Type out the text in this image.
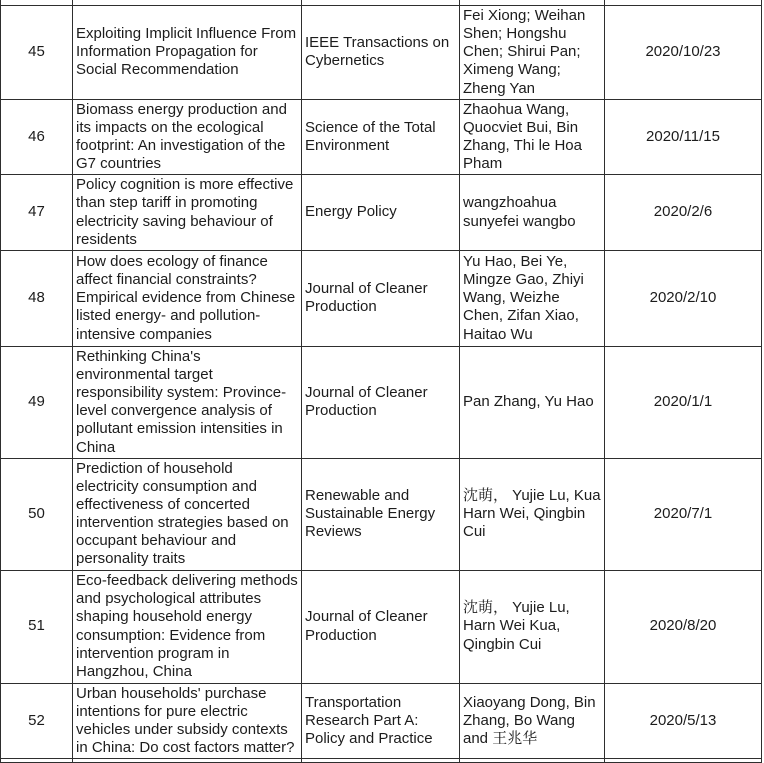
45	Exploiting Implicit Influence From Information Propagation for Social Recommendation	IEEE Transactions on Cybernetics	Fei Xiong; Weihan Shen; Hongshu Chen; Shirui Pan; Ximeng Wang; Zheng Yan	2020/10/23
46	Biomass energy production and its impacts on the ecological footprint: An investigation of the G7 countries	Science of the Total Environment	Zhaohua Wang, Quocviet Bui, Bin Zhang, Thi le Hoa Pham	2020/11/15
47	Policy cognition is more effective than step tariff in promoting electricity saving behaviour of residents	Energy Policy	wangzhoahua sunyefei wangbo	2020/2/6
48	How does ecology of finance affect financial constraints? Empirical evidence from Chinese listed energy- and pollution-intensive companies	Journal of Cleaner Production	Yu Hao, Bei Ye, Mingze Gao, Zhiyi Wang, Weizhe Chen, Zifan Xiao, Haitao Wu	2020/2/10
49	Rethinking China's environmental target responsibility system: Province-level convergence analysis of pollutant emission intensities in China	Journal of Cleaner Production	Pan Zhang, Yu Hao	2020/1/1
50	Prediction of household electricity consumption and effectiveness of concerted intervention strategies based on occupant behaviour and personality traits	Renewable and Sustainable Energy Reviews	沈萌， Yujie Lu, Kua Harn Wei, Qingbin Cui	2020/7/1
51	Eco-feedback delivering methods and psychological attributes shaping household energy consumption: Evidence from intervention program in Hangzhou, China	Journal of Cleaner Production	沈萌， Yujie Lu, Harn Wei Kua, Qingbin Cui	2020/8/20
52	Urban households' purchase intentions for pure electric vehicles under subsidy contexts in China: Do cost factors matter?	Transportation Research Part A: Policy and Practice	Xiaoyang Dong, Bin Zhang, Bo Wang and 王兆华	2020/5/13
